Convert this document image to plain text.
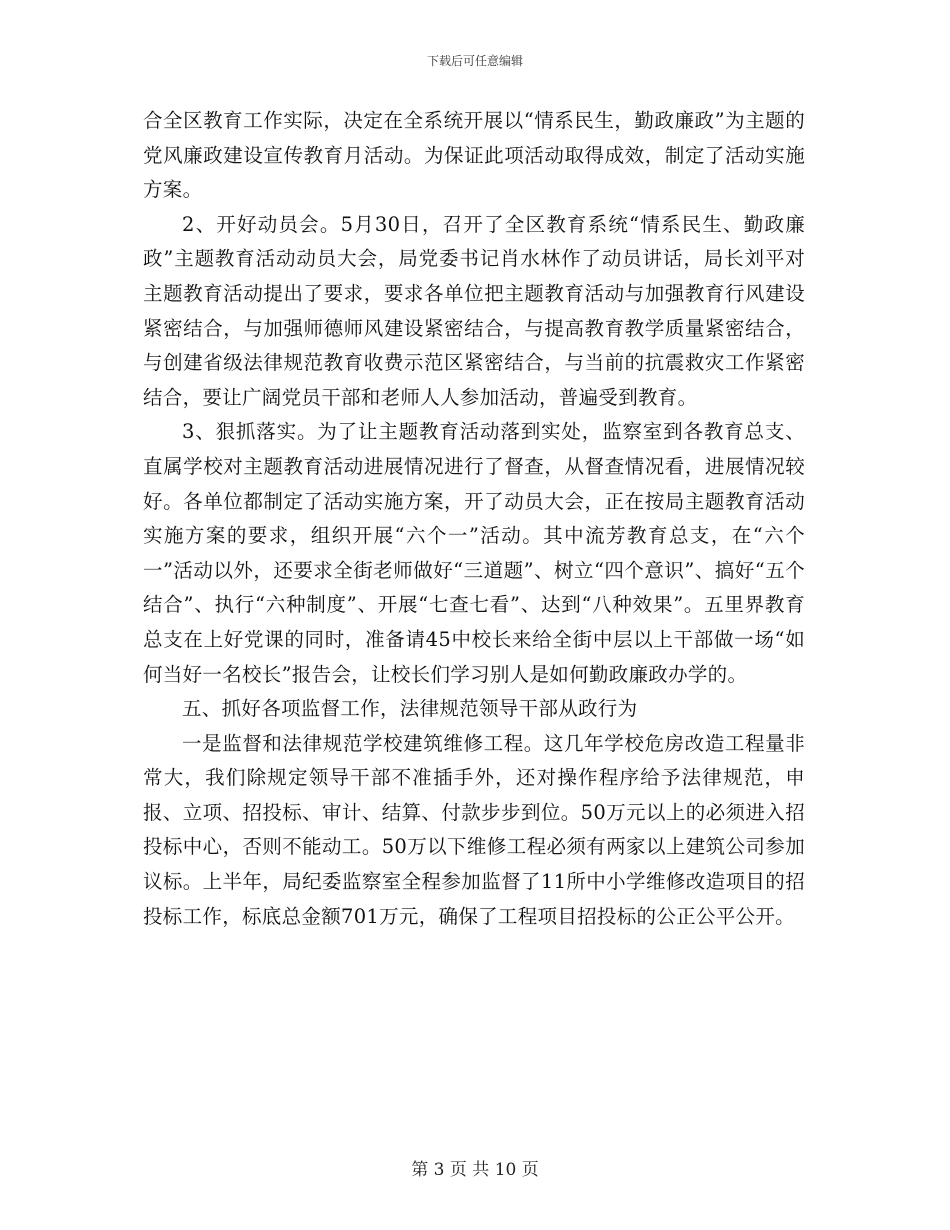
下载后可任意编辑

合全区教育工作实际，决定在全系统开展以“情系民生，勤政廉政”为主题的党风廉政建设宣传教育月活动。为保证此项活动取得成效，制定了活动实施方案。

2、开好动员会。5月30日，召开了全区教育系统“情系民生、勤政廉政”主题教育活动动员大会，局党委书记肖水林作了动员讲话，局长刘平对主题教育活动提出了要求，要求各单位把主题教育活动与加强教育行风建设紧密结合，与加强师德师风建设紧密结合，与提高教育教学质量紧密结合，与创建省级法律规范教育收费示范区紧密结合，与当前的抗震救灾工作紧密结合，要让广阔党员干部和老师人人参加活动，普遍受到教育。

3、狠抓落实。为了让主题教育活动落到实处，监察室到各教育总支、直属学校对主题教育活动进展情况进行了督查，从督查情况看，进展情况较好。各单位都制定了活动实施方案，开了动员大会，正在按局主题教育活动实施方案的要求，组织开展“六个一”活动。其中流芳教育总支，在“六个一”活动以外，还要求全街老师做好“三道题”、树立“四个意识”、搞好“五个结合”、执行“六种制度”、开展“七查七看”、达到“八种效果”。五里界教育总支在上好党课的同时，准备请45中校长来给全街中层以上干部做一场“如何当好一名校长”报告会，让校长们学习别人是如何勤政廉政办学的。

五、抓好各项监督工作，法律规范领导干部从政行为

一是监督和法律规范学校建筑维修工程。这几年学校危房改造工程量非常大，我们除规定领导干部不准插手外，还对操作程序给予法律规范，申报、立项、招投标、审计、结算、付款步步到位。50万元以上的必须进入招投标中心，否则不能动工。50万以下维修工程必须有两家以上建筑公司参加议标。上半年，局纪委监察室全程参加监督了11所中小学维修改造项目的招投标工作，标底总金额701万元，确保了工程项目招投标的公正公平公开。

第 3 页 共 10 页
